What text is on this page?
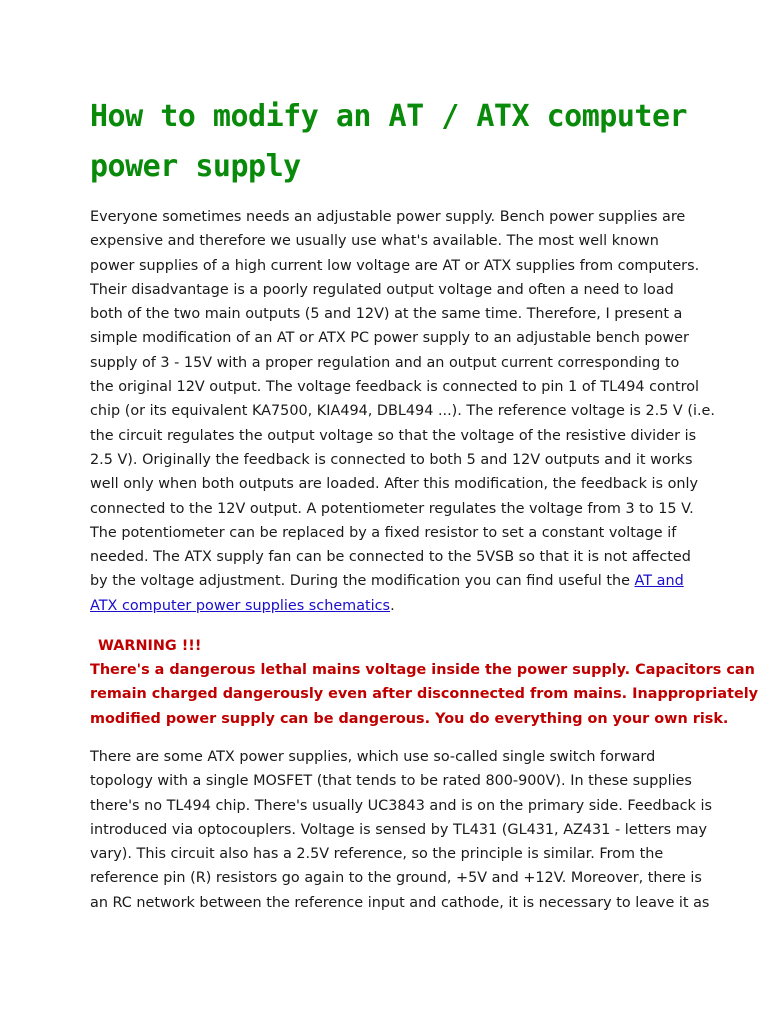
How to modify an AT / ATX computer power supply
Everyone sometimes needs an adjustable power supply. Bench power supplies are
expensive and therefore we usually use what's available. The most well known
power supplies of a high current low voltage are AT or ATX supplies from computers.
Their disadvantage is a poorly regulated output voltage and often a need to load
both of the two main outputs (5 and 12V) at the same time. Therefore, I present a
simple modification of an AT or ATX PC power supply to an adjustable bench power
supply of 3 - 15V with a proper regulation and an output current corresponding to
the original 12V output. The voltage feedback is connected to pin 1 of TL494 control
chip (or its equivalent KA7500, KIA494, DBL494 ...). The reference voltage is 2.5 V (i.e.
the circuit regulates the output voltage so that the voltage of the resistive divider is
2.5 V). Originally the feedback is connected to both 5 and 12V outputs and it works
well only when both outputs are loaded. After this modification, the feedback is only
connected to the 12V output. A potentiometer regulates the voltage from 3 to 15 V.
The potentiometer can be replaced by a fixed resistor to set a constant voltage if
needed. The ATX supply fan can be connected to the 5VSB so that it is not affected
by the voltage adjustment. During the modification you can find useful the AT and
ATX computer power supplies schematics.

WARNING !!!

There's a dangerous lethal mains voltage inside the power supply. Capacitors can
remain charged dangerously even after disconnected from mains. Inappropriately
modified power supply can be dangerous. You do everything on your own risk.
There are some ATX power supplies, which use so-called single switch forward
topology with a single MOSFET (that tends to be rated 800-900V). In these supplies
there's no TL494 chip. There's usually UC3843 and is on the primary side. Feedback is
introduced via optocouplers. Voltage is sensed by TL431 (GL431, AZ431 - letters may
vary). This circuit also has a 2.5V reference, so the principle is similar. From the
reference pin (R) resistors go again to the ground, +5V and +12V. Moreover, there is
an RC network between the reference input and cathode, it is necessary to leave it as
